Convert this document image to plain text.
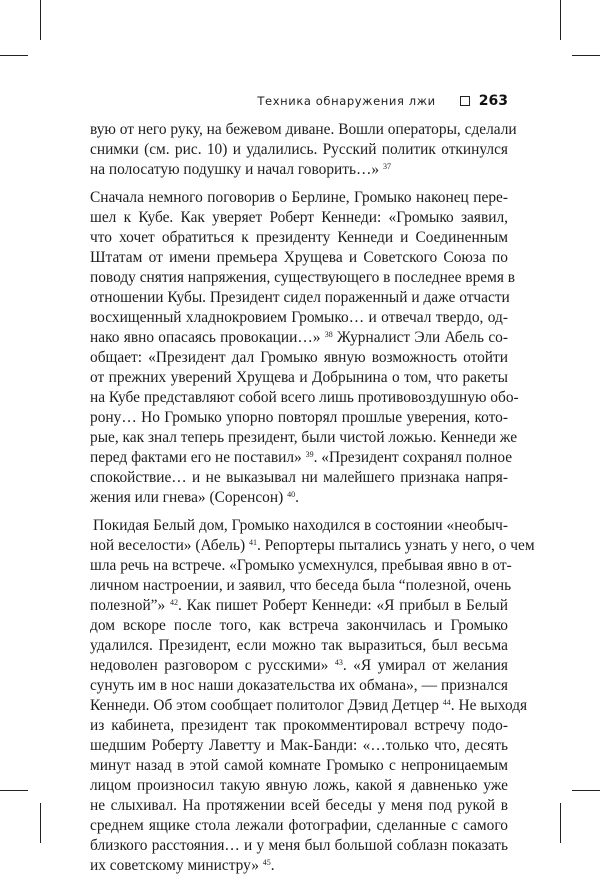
Техника обнаружения лжи	263
вую от него руку, на бежевом диване. Вошли операторы, сделали
снимки (см. рис. 10) и удалились. Русский политик откинулся
на полосатую подушку и начал говорить…» $^{37}$
Сначала немного поговорив о Берлине, Громыко наконец пере-
шел к Кубе. Как уверяет Роберт Кеннеди: «Громыко заявил,
что хочет обратиться к президенту Кеннеди и Соединенным
Штатам от имени премьера Хрущева и Советского Союза по
поводу снятия напряжения, существующего в последнее время в
отношении Кубы. Президент сидел пораженный и даже отчасти
восхищенный хладнокровием Громыко… и отвечал твердо, од-
нако явно опасаясь провокации…» $^{38}$ Журналист Эли Абель со-
общает: «Президент дал Громыко явную возможность отойти
от прежних уверений Хрущева и Добрынина о том, что ракеты
на Кубе представляют собой всего лишь противовоздушную обо-
рону… Но Громыко упорно повторял прошлые уверения, кото-
рые, как знал теперь президент, были чистой ложью. Кеннеди же
перед фактами его не поставил» $^{39}$. «Президент сохранял полное
спокойствие… и не выказывал ни малейшего признака напря-
жения или гнева» (Соренсон) $^{40}$.
Покидая Белый дом, Громыко находился в состоянии «необыч-
ной веселости» (Абель) $^{41}$. Репортеры пытались узнать у него, о чем
шла речь на встрече. «Громыко усмехнулся, пребывая явно в от-
личном настроении, и заявил, что беседа была “полезной, очень
полезной”» $^{42}$. Как пишет Роберт Кеннеди: «Я прибыл в Белый
дом вскоре после того, как встреча закончилась и Громыко
удалился. Президент, если можно так выразиться, был весьма
недоволен разговором с русскими» $^{43}$. «Я умирал от желания
сунуть им в нос наши доказательства их обмана», — признался
Кеннеди. Об этом сообщает политолог Дэвид Детцер $^{44}$. Не выходя
из кабинета, президент так прокомментировал встречу подо-
шедшим Роберту Лаветту и Мак-Банди: «…только что, десять
минут назад в этой самой комнате Громыко с непроницаемым
лицом произносил такую явную ложь, какой я давненько уже
не слыхивал. На протяжении всей беседы у меня под рукой в
среднем ящике стола лежали фотографии, сделанные с самого
близкого расстояния… и у меня был большой соблазн показать
их советскому министру» $^{45}$.
